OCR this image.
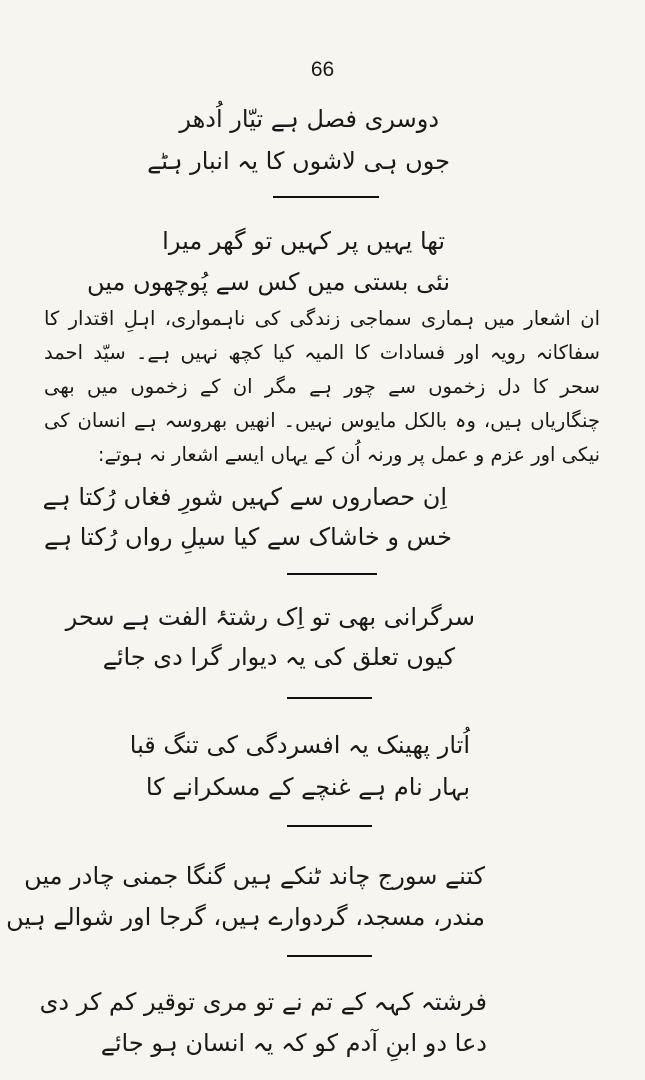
66
دوسری فصل ہے تیّار اُدھر
جوں ہی لاشوں کا یہ انبار ہٹے
تھا یہیں پر کہیں تو گھر میرا
نئی بستی میں کس سے پُوچھوں میں
ان اشعار میں ہماری سماجی زندگی کی ناہمواری، اہلِ اقتدار کا سفاکانہ رویہ اور فسادات کا المیہ کیا کچھ نہیں ہے۔ سیّد احمد سحر کا دل زخموں سے چور ہے مگر ان کے زخموں میں بھی چنگاریاں ہیں، وہ بالکل مایوس نہیں۔ انھیں بھروسہ ہے انسان کی نیکی اور عزم و عمل پر ورنہ اُن کے یہاں ایسے اشعار نہ ہوتے:
اِن حصاروں سے کہیں شورِ فغاں رُکتا ہے
خس و خاشاک سے کیا سیلِ رواں رُکتا ہے
سرگرانی بھی تو اِک رشتۂ الفت ہے سحر
کیوں تعلق کی یہ دیوار گرا دی جائے
اُتار پھینک یہ افسردگی کی تنگ قبا
بہار نام ہے غنچے کے مسکرانے کا
کتنے سورج چاند ٹنکے ہیں گنگا جمنی چادر میں
مندر، مسجد، گردوارے ہیں، گرجا اور شوالے ہیں
فرشتہ کہہ کے تم نے تو مری توقیر کم کر دی
دعا دو ابنِ آدم کو کہ یہ انسان ہو جائے
